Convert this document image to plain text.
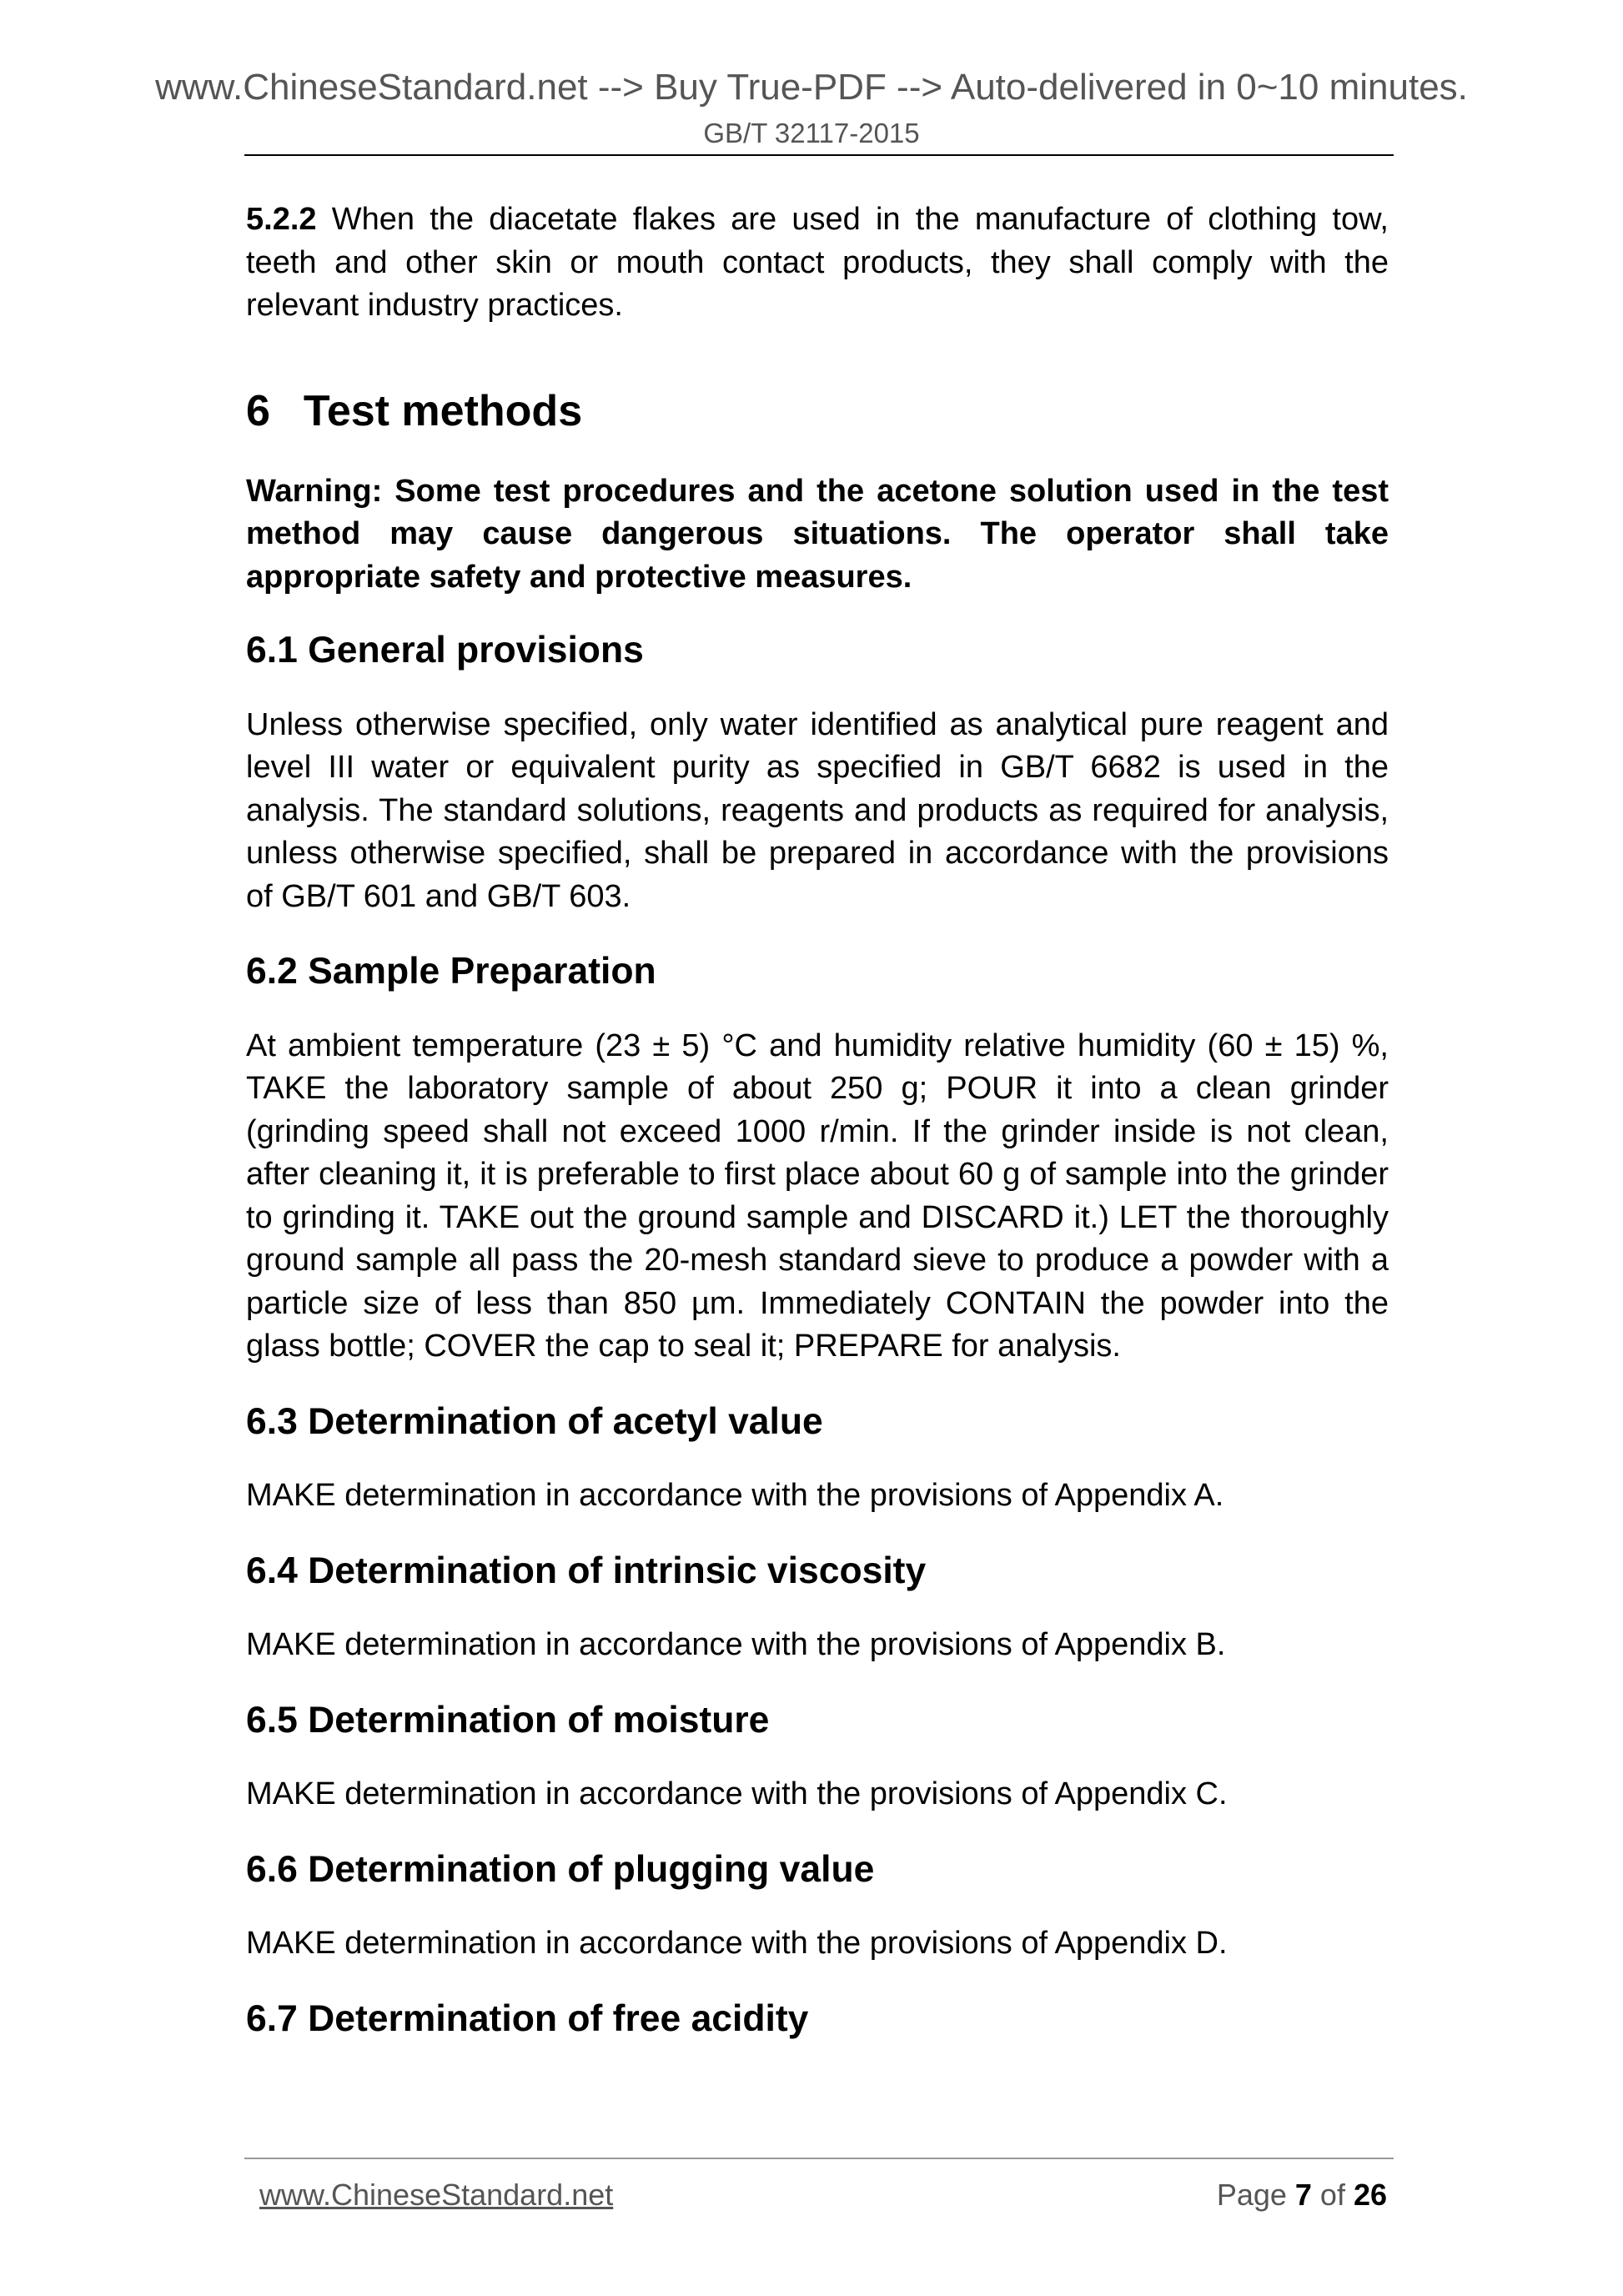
www.ChineseStandard.net --> Buy True-PDF --> Auto-delivered in 0~10 minutes.
GB/T 32117-2015

5.2.2 When the diacetate flakes are used in the manufacture of clothing tow, teeth and other skin or mouth contact products, they shall comply with the relevant industry practices.

6 Test methods

Warning: Some test procedures and the acetone solution used in the test method may cause dangerous situations. The operator shall take appropriate safety and protective measures.

6.1 General provisions

Unless otherwise specified, only water identified as analytical pure reagent and level III water or equivalent purity as specified in GB/T 6682 is used in the analysis. The standard solutions, reagents and products as required for analysis, unless otherwise specified, shall be prepared in accordance with the provisions of GB/T 601 and GB/T 603.

6.2 Sample Preparation

At ambient temperature (23 ± 5) °C and humidity relative humidity (60 ± 15) %, TAKE the laboratory sample of about 250 g; POUR it into a clean grinder (grinding speed shall not exceed 1000 r/min. If the grinder inside is not clean, after cleaning it, it is preferable to first place about 60 g of sample into the grinder to grinding it. TAKE out the ground sample and DISCARD it.) LET the thoroughly ground sample all pass the 20-mesh standard sieve to produce a powder with a particle size of less than 850 µm. Immediately CONTAIN the powder into the glass bottle; COVER the cap to seal it; PREPARE for analysis.

6.3 Determination of acetyl value

MAKE determination in accordance with the provisions of Appendix A.

6.4 Determination of intrinsic viscosity

MAKE determination in accordance with the provisions of Appendix B.

6.5 Determination of moisture

MAKE determination in accordance with the provisions of Appendix C.

6.6 Determination of plugging value

MAKE determination in accordance with the provisions of Appendix D.

6.7 Determination of free acidity
www.ChineseStandard.net	Page 7 of 26
